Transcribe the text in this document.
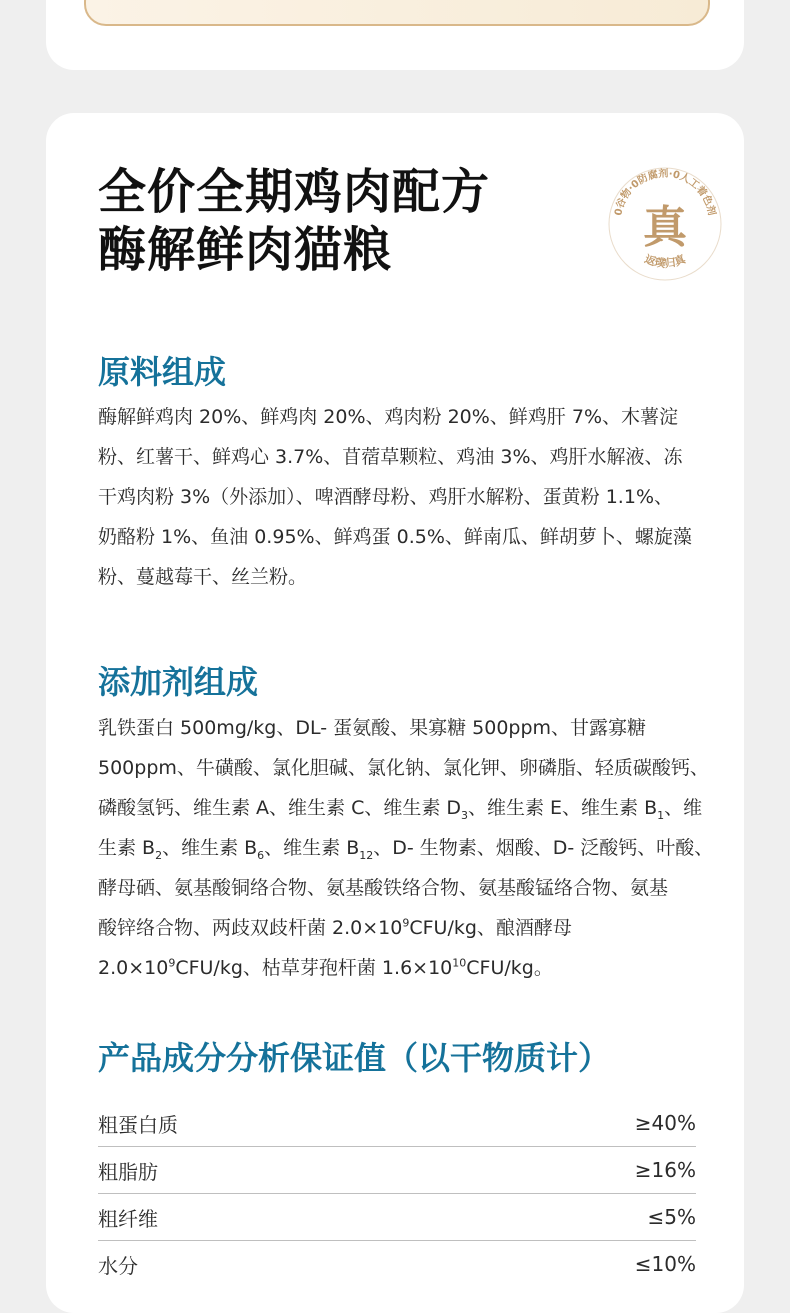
全价全期鸡肉配方
酶解鲜肉猫粮
0谷物·0防腐剂·0人工着色剂
返璞归真
真
原料组成
酶解鲜鸡肉 20%、鲜鸡肉 20%、鸡肉粉 20%、鲜鸡肝 7%、木薯淀
粉、红薯干、鲜鸡心 3.7%、苜蓿草颗粒、鸡油 3%、鸡肝水解液、冻
干鸡肉粉 3%（外添加）、啤酒酵母粉、鸡肝水解粉、蛋黄粉 1.1%、
奶酪粉 1%、鱼油 0.95%、鲜鸡蛋 0.5%、鲜南瓜、鲜胡萝卜、螺旋藻
粉、蔓越莓干、丝兰粉。
添加剂组成
乳铁蛋白 500mg/kg、DL- 蛋氨酸、果寡糖 500ppm、甘露寡糖
500ppm、牛磺酸、氯化胆碱、氯化钠、氯化钾、卵磷脂、轻质碳酸钙、
磷酸氢钙、维生素 A、维生素 C、维生素 $D_3$、维生素 E、维生素 $B_1$、维
生素 $B_2$、维生素 $B_6$、维生素 $B_{12}$、D- 生物素、烟酸、D- 泛酸钙、叶酸、
酵母硒、氨基酸铜络合物、氨基酸铁络合物、氨基酸锰络合物、氨基
酸锌络合物、两歧双歧杆菌 $2.0\times 10^9CFU/kg$、酿酒酵母
$2.0\times 10^9CFU/kg$、枯草芽孢杆菌 $1.6\times 10^{10}CFU/kg$。
产品成分分析保证值（以干物质计）
粗蛋白质	≥40%
粗脂肪	≥16%
粗纤维	≤5%
水分	≤10%
